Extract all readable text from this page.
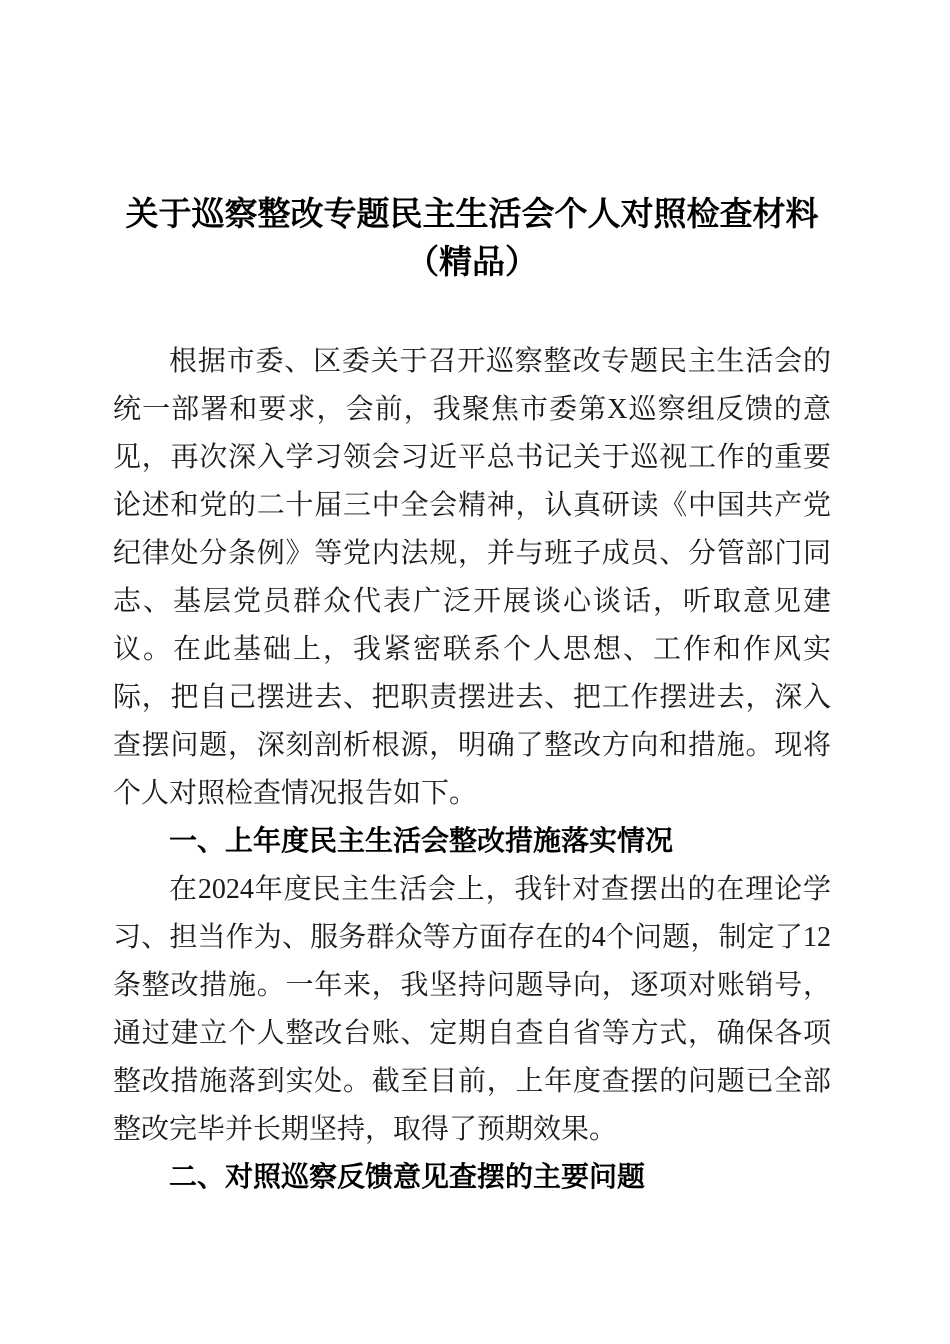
关于巡察整改专题民主生活会个人对照检查材料
（精品）

根据市委、区委关于召开巡察整改专题民主生活会的统一部署和要求，会前，我聚焦市委第X巡察组反馈的意见，再次深入学习领会习近平总书记关于巡视工作的重要论述和党的二十届三中全会精神，认真研读《中国共产党纪律处分条例》等党内法规，并与班子成员、分管部门同志、基层党员群众代表广泛开展谈心谈话，听取意见建议。在此基础上，我紧密联系个人思想、工作和作风实际，把自己摆进去、把职责摆进去、把工作摆进去，深入查摆问题，深刻剖析根源，明确了整改方向和措施。现将个人对照检查情况报告如下。

一、上年度民主生活会整改措施落实情况

在2024年度民主生活会上，我针对查摆出的在理论学习、担当作为、服务群众等方面存在的4个问题，制定了12条整改措施。一年来，我坚持问题导向，逐项对账销号，通过建立个人整改台账、定期自查自省等方式，确保各项整改措施落到实处。截至目前，上年度查摆的问题已全部整改完毕并长期坚持，取得了预期效果。

二、对照巡察反馈意见查摆的主要问题
